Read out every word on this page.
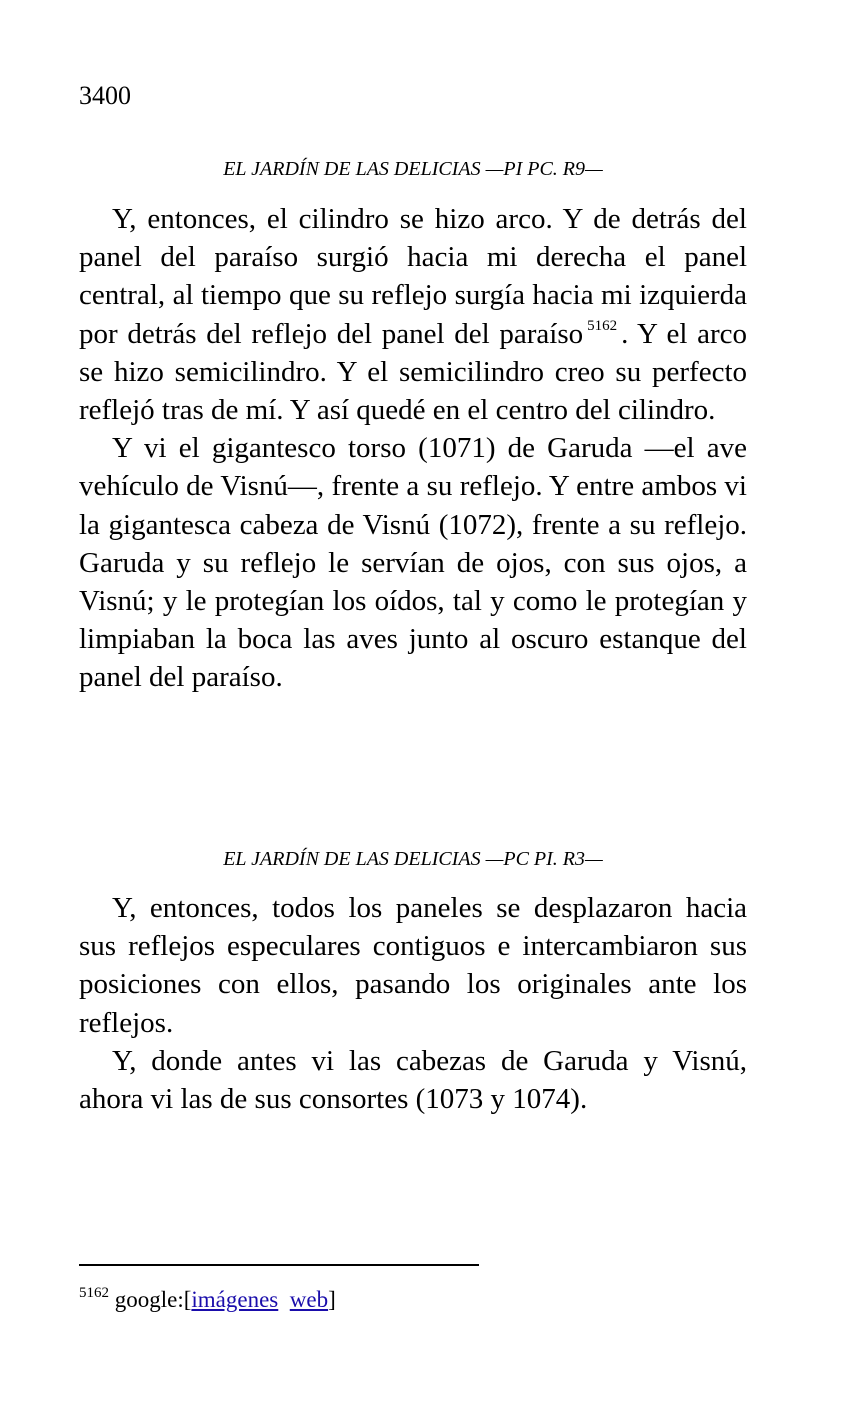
3400
EL JARDÍN DE LAS DELICIAS —PI PC. R9—

Y, entonces, el cilindro se hizo arco. Y de detrás del panel del paraíso surgió hacia mi derecha el panel central, al tiempo que su reflejo surgía hacia mi izquierda por detrás del reflejo del panel del paraíso $^{5162}$ . Y el arco se hizo semicilindro. Y el semicilindro creo su perfecto reflejó tras de mí. Y así quedé en el centro del cilindro.

Y vi el gigantesco torso (1071) de Garuda —el ave vehículo de Visnú—, frente a su reflejo. Y entre ambos vi la gigantesca cabeza de Visnú (1072), frente a su reflejo. Garuda y su reflejo le servían de ojos, con sus ojos, a Visnú; y le protegían los oídos, tal y como le protegían y limpiaban la boca las aves junto al oscuro estanque del panel del paraíso.

EL JARDÍN DE LAS DELICIAS —PC PI. R3—

Y, entonces, todos los paneles se desplazaron hacia sus reflejos especulares contiguos e intercambiaron sus posiciones con ellos, pasando los originales ante los reflejos.

Y, donde antes vi las cabezas de Garuda y Visnú, ahora vi las de sus consortes (1073 y 1074).

$^{5162}$ google:[imágenes web]
